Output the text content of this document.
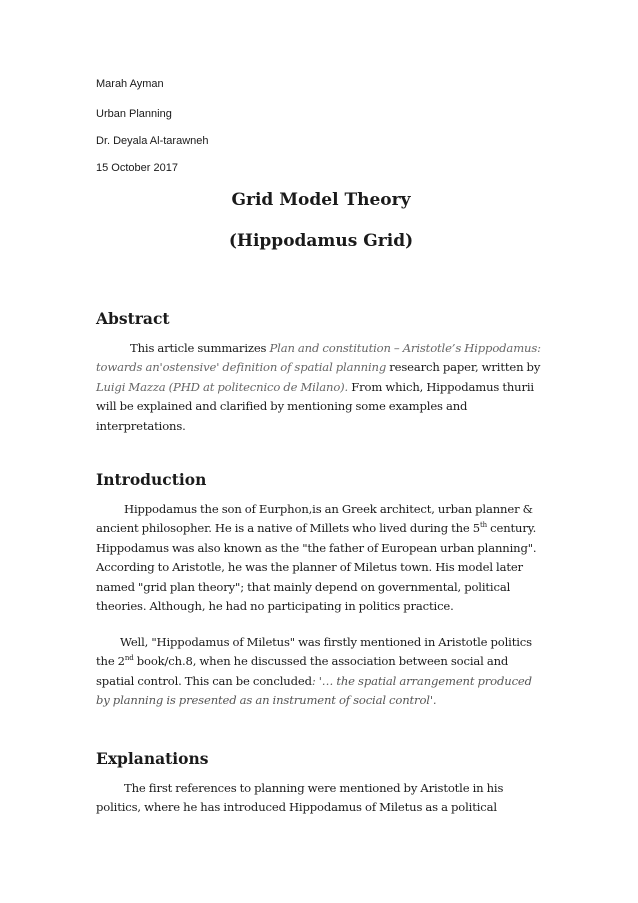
Marah Ayman

Urban Planning

Dr. Deyala Al-tarawneh

15 October 2017

Grid Model Theory

(Hippodamus Grid)

Abstract

This article summarizes Plan and constitution – Aristotle’s Hippodamus: towards an'ostensive' definition of spatial planning research paper, written by Luigi Mazza (PHD at politecnico de Milano). From which, Hippodamus thurii will be explained and clarified by mentioning some examples and interpretations.

Introduction

Hippodamus the son of Eurphon,is an Greek architect, urban planner & ancient philosopher. He is a native of Millets who lived during the 5th century. Hippodamus was also known as the "the father of European urban planning". According to Aristotle, he was the planner of Miletus town. His model later named "grid plan theory"; that mainly depend on governmental, political theories. Although, he had no participating in politics practice.

Well, "Hippodamus of Miletus" was firstly mentioned in Aristotle politics the 2nd book/ch.8, when he discussed the association between social and spatial control. This can be concluded: '… the spatial arrangement produced by planning is presented as an instrument of social control'.

Explanations

The first references to planning were mentioned by Aristotle in his politics, where he has introduced Hippodamus of Miletus as a political
